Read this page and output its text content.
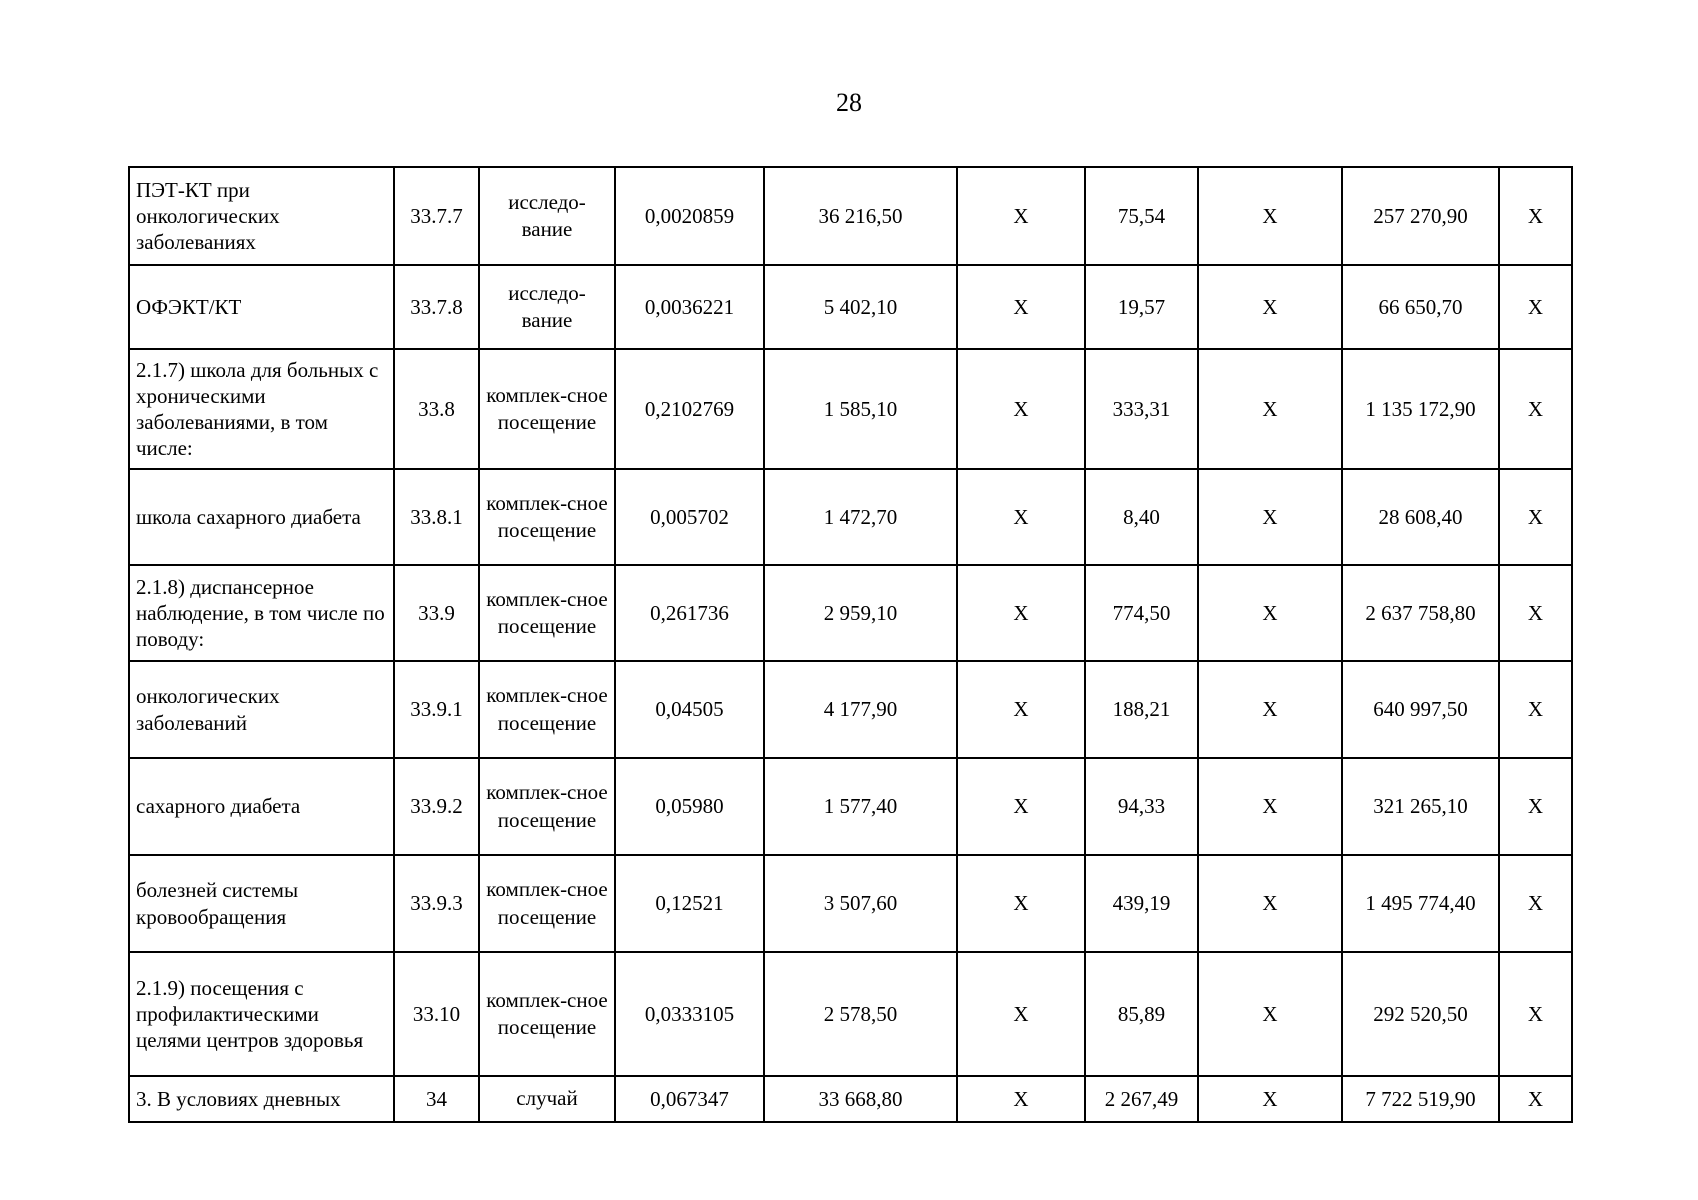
28
ПЭТ-КТ при онкологических заболеваниях	33.7.7	исследо-вание	0,0020859	36 216,50	Х	75,54	Х	257 270,90	Х
ОФЭКТ/КТ	33.7.8	исследо-вание	0,0036221	5 402,10	Х	19,57	Х	66 650,70	Х
2.1.7) школа для больных с хроническими заболеваниями, в том числе:	33.8	комплек-сное посещение	0,2102769	1 585,10	Х	333,31	Х	1 135 172,90	Х
школа сахарного диабета	33.8.1	комплек-сное посещение	0,005702	1 472,70	Х	8,40	Х	28 608,40	Х
2.1.8) диспансерное наблюдение, в том числе по поводу:	33.9	комплек-сное посещение	0,261736	2 959,10	Х	774,50	Х	2 637 758,80	Х
онкологических заболеваний	33.9.1	комплек-сное посещение	0,04505	4 177,90	Х	188,21	Х	640 997,50	Х
сахарного диабета	33.9.2	комплек-сное посещение	0,05980	1 577,40	Х	94,33	Х	321 265,10	Х
болезней системы кровообращения	33.9.3	комплек-сное посещение	0,12521	3 507,60	Х	439,19	Х	1 495 774,40	Х
2.1.9) посещения с профилактическими целями центров здоровья	33.10	комплек-сное посещение	0,0333105	2 578,50	Х	85,89	Х	292 520,50	Х
3. В условиях дневных	34	случай	0,067347	33 668,80	Х	2 267,49	Х	7 722 519,90	Х
